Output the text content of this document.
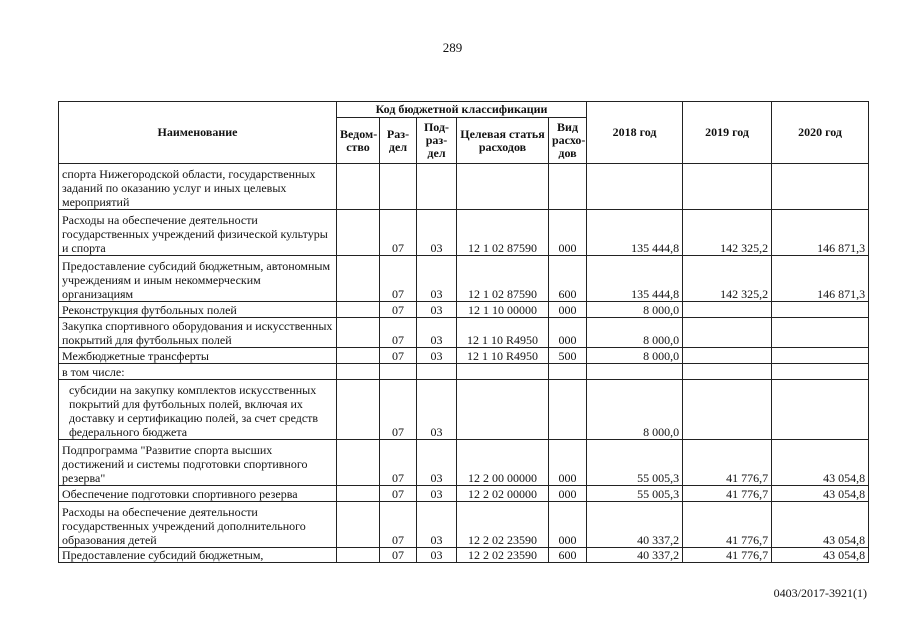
289
Наименование	Код бюджетной классификации					2018 год	2019 год	2020 год
	Ведом-ство	Раз-дел	Под-раз-дел	Целевая статья расходов	Вид расхо-дов			
спорта Нижегородской области, государственных заданий по оказанию услуг и иных целевых мероприятий								
Расходы на обеспечение деятельности государственных учреждений физической культуры и спорта		07	03	12 1 02 87590	000	135 444,8	142 325,2	146 871,3
Предоставление субсидий бюджетным, автономным учреждениям и иным некоммерческим организациям		07	03	12 1 02 87590	600	135 444,8	142 325,2	146 871,3
Реконструкция футбольных полей		07	03	12 1 10 00000	000	8 000,0		
Закупка спортивного оборудования и искусственных покрытий для футбольных полей		07	03	12 1 10 R4950	000	8 000,0		
Межбюджетные трансферты		07	03	12 1 10 R4950	500	8 000,0		
в том числе:								
субсидии на закупку комплектов искусственных покрытий для футбольных полей, включая их доставку и сертификацию полей, за счет средств федерального бюджета		07	03			8 000,0		
Подпрограмма "Развитие спорта высших достижений и системы подготовки спортивного резерва"		07	03	12 2 00 00000	000	55 005,3	41 776,7	43 054,8
Обеспечение подготовки спортивного резерва		07	03	12 2 02 00000	000	55 005,3	41 776,7	43 054,8
Расходы на обеспечение деятельности государственных учреждений дополнительного образования детей		07	03	12 2 02 23590	000	40 337,2	41 776,7	43 054,8
Предоставление субсидий бюджетным,		07	03	12 2 02 23590	600	40 337,2	41 776,7	43 054,8
0403/2017-3921(1)
